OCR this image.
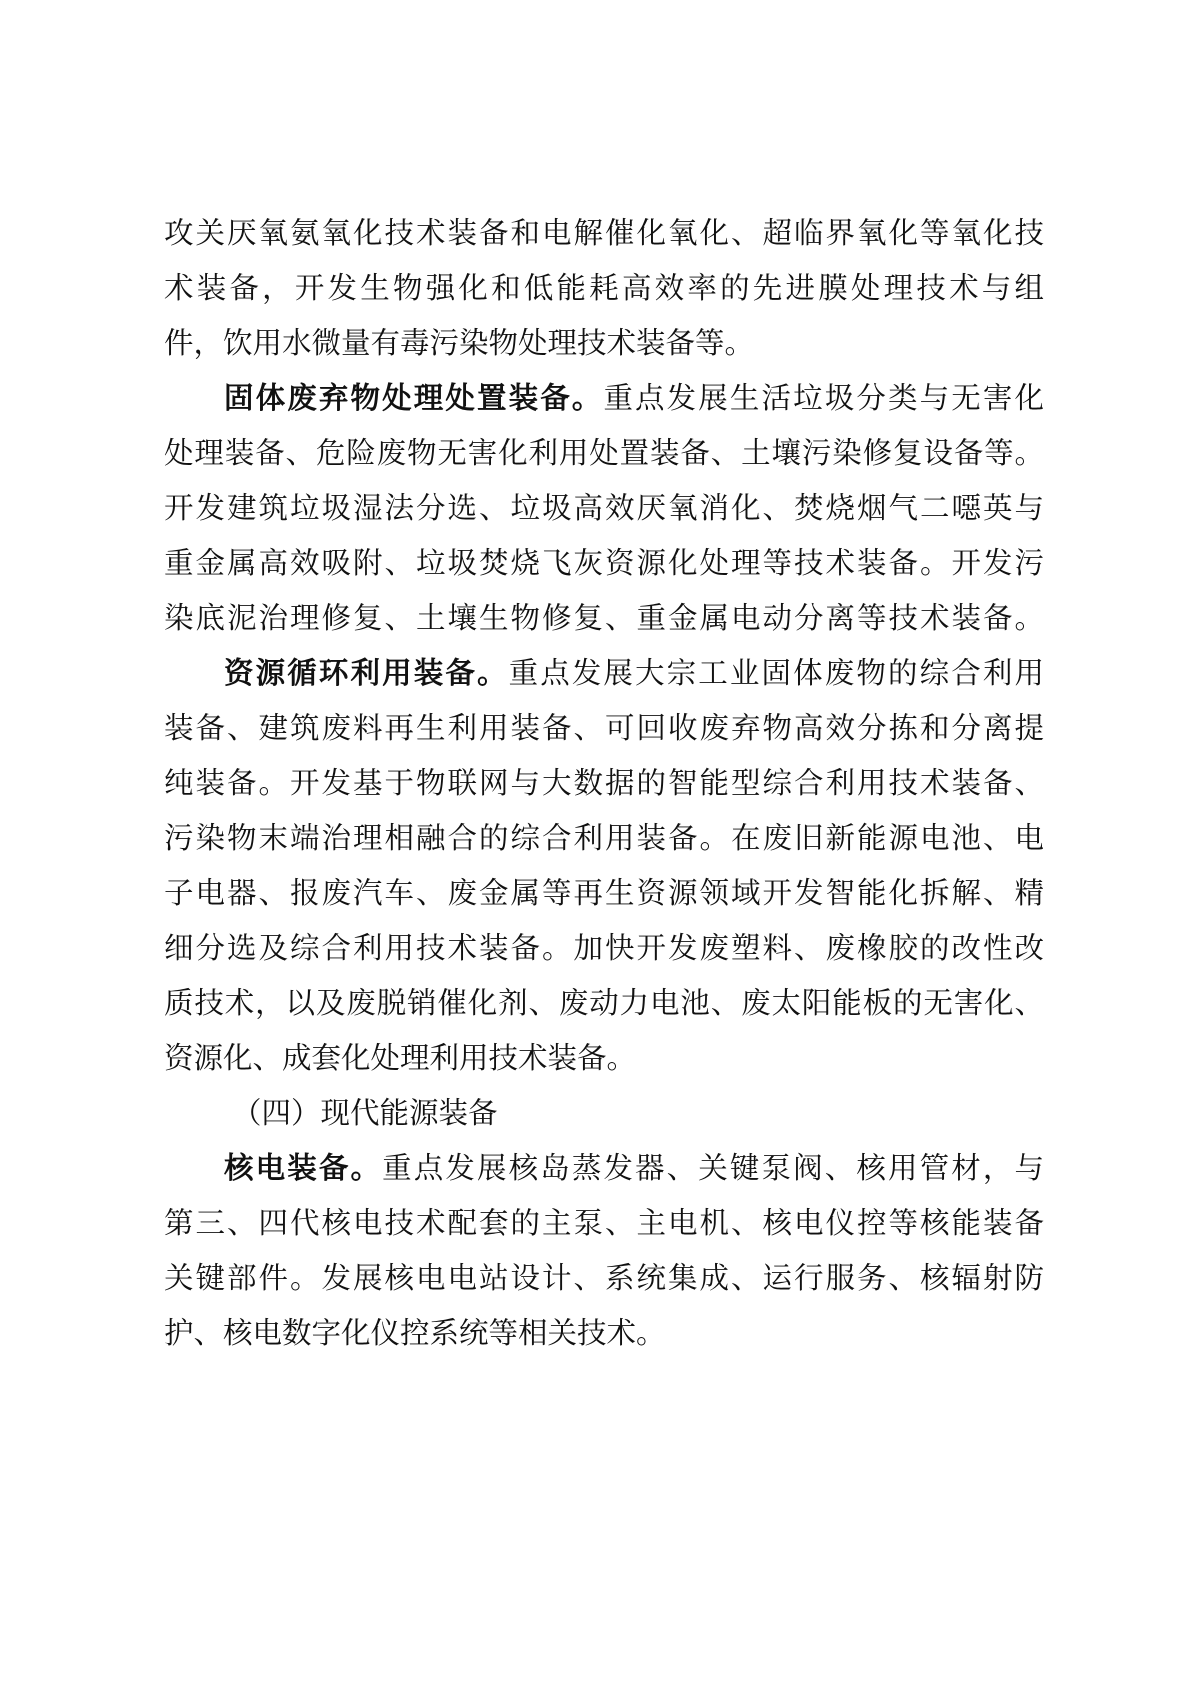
攻关厌氧氨氧化技术装备和电解催化氧化、超临界氧化等氧化技
术装备，开发生物强化和低能耗高效率的先进膜处理技术与组
件，饮用水微量有毒污染物处理技术装备等。
固体废弃物处理处置装备。重点发展生活垃圾分类与无害化
处理装备、危险废物无害化利用处置装备、土壤污染修复设备等。
开发建筑垃圾湿法分选、垃圾高效厌氧消化、焚烧烟气二噁英与
重金属高效吸附、垃圾焚烧飞灰资源化处理等技术装备。开发污
染底泥治理修复、土壤生物修复、重金属电动分离等技术装备。
资源循环利用装备。重点发展大宗工业固体废物的综合利用
装备、建筑废料再生利用装备、可回收废弃物高效分拣和分离提
纯装备。开发基于物联网与大数据的智能型综合利用技术装备、
污染物末端治理相融合的综合利用装备。在废旧新能源电池、电
子电器、报废汽车、废金属等再生资源领域开发智能化拆解、精
细分选及综合利用技术装备。加快开发废塑料、废橡胶的改性改
质技术，以及废脱销催化剂、废动力电池、废太阳能板的无害化、
资源化、成套化处理利用技术装备。
（四）现代能源装备
核电装备。重点发展核岛蒸发器、关键泵阀、核用管材，与
第三、四代核电技术配套的主泵、主电机、核电仪控等核能装备
关键部件。发展核电电站设计、系统集成、运行服务、核辐射防
护、核电数字化仪控系统等相关技术。
